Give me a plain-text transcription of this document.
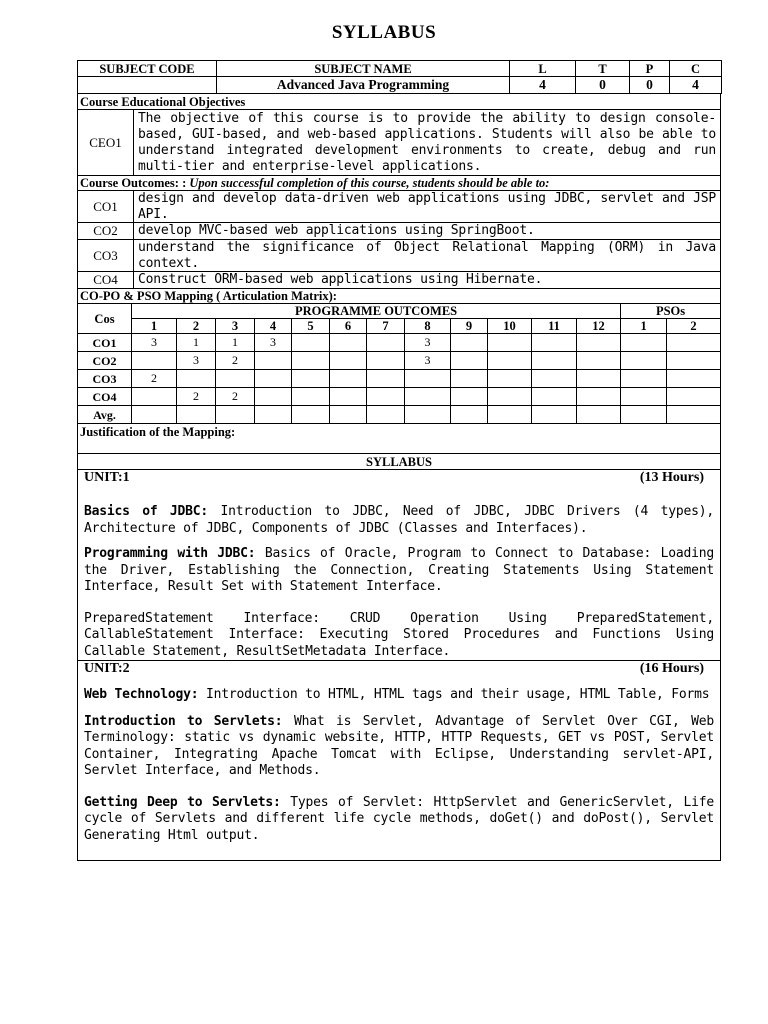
SYLLABUS
SUBJECT CODE	SUBJECT NAME	L	T	P	C
	Advanced Java Programming	4	0	0	4
Course Educational Objectives	
CEO1	The objective of this course is to provide the ability to design console-based, GUI-based, and web-based applications. Students will also be able to understand integrated development environments to create, debug and run multi-tier and enterprise-level applications.
Course Outcomes: : Upon successful completion of this course, students should be able to:	
CO1	design and develop data-driven web applications using JDBC, servlet and JSP API.
CO2	develop MVC-based web applications using SpringBoot.
CO3	understand the significance of Object Relational Mapping (ORM) in Java context.
CO4	Construct ORM-based web applications using Hibernate.
CO-PO & PSO Mapping ( Articulation Matrix):	
Cos	PROGRAMME OUTCOMES												PSOs	
	1	2	3	4	5	6	7	8	9	10	11	12	1	2
CO1	3	1	1	3				3						
CO2		3	2					3						
CO3	2													
CO4		2	2											
Avg.														
Justification of the Mapping:														
SYLLABUS

UNIT:1	(13 Hours)
Basics of JDBC: Introduction to JDBC, Need of JDBC, JDBC Drivers (4 types), Architecture of JDBC, Components of JDBC (Classes and Interfaces).
Programming with JDBC: Basics of Oracle, Program to Connect to Database: Loading the Driver, Establishing the Connection, Creating Statements Using Statement Interface, Result Set with Statement Interface.
PreparedStatement Interface: CRUD Operation Using PreparedStatement, CallableStatement Interface: Executing Stored Procedures and Functions Using Callable Statement, ResultSetMetadata Interface.

UNIT:2	(16 Hours)
Web Technology: Introduction to HTML, HTML tags and their usage, HTML Table, Forms
Introduction to Servlets: What is Servlet, Advantage of Servlet Over CGI, Web Terminology: static vs dynamic website, HTTP, HTTP Requests, GET vs POST, Servlet Container, Integrating Apache Tomcat with Eclipse, Understanding servlet-API, Servlet Interface, and Methods.
Getting Deep to Servlets: Types of Servlet: HttpServlet and GenericServlet, Life cycle of Servlets and different life cycle methods, doGet() and doPost(), Servlet Generating Html output.
